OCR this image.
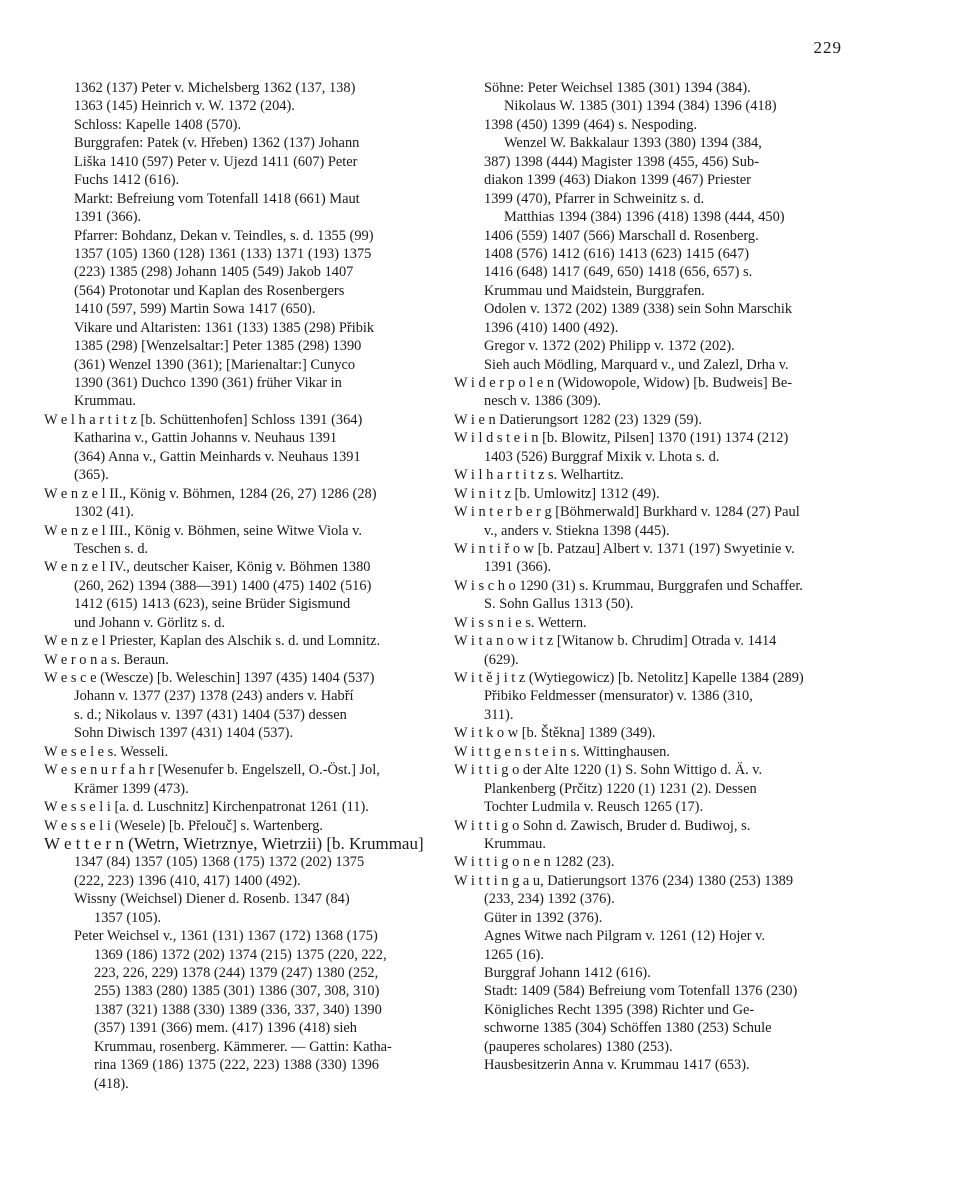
229
1362 (137) Peter v. Michelsberg 1362 (137, 138)
1363 (145) Heinrich v. W. 1372 (204).
Schloss: Kapelle 1408 (570).
Burggrafen: Patek (v. Hřeben) 1362 (137) Johann
Liška 1410 (597) Peter v. Ujezd 1411 (607) Peter
Fuchs 1412 (616).
Markt: Befreiung vom Totenfall 1418 (661) Maut
1391 (366).
Pfarrer: Bohdanz, Dekan v. Teindles, s. d. 1355 (99)
1357 (105) 1360 (128) 1361 (133) 1371 (193) 1375
(223) 1385 (298) Johann 1405 (549) Jakob 1407
(564) Protonotar und Kaplan des Rosenbergers
1410 (597, 599) Martin Sowa 1417 (650).
Vikare und Altaristen: 1361 (133) 1385 (298) Přibik
1385 (298) [Wenzelsaltar:] Peter 1385 (298) 1390
(361) Wenzel 1390 (361); [Marienaltar:] Cunyco
1390 (361) Duchco 1390 (361) früher Vikar in
Krummau.
W e l h a r t i t z [b. Schüttenhofen] Schloss 1391 (364)
Katharina v., Gattin Johanns v. Neuhaus 1391
(364) Anna v., Gattin Meinhards v. Neuhaus 1391
(365).
W e n z e l II., König v. Böhmen, 1284 (26, 27) 1286 (28)
1302 (41).
W e n z e l III., König v. Böhmen, seine Witwe Viola v.
Teschen s. d.
W e n z e l IV., deutscher Kaiser, König v. Böhmen 1380
(260, 262) 1394 (388—391) 1400 (475) 1402 (516)
1412 (615) 1413 (623), seine Brüder Sigismund
und Johann v. Görlitz s. d.
W e n z e l Priester, Kaplan des Alschik s. d. und Lomnitz.
W e r o n a s. Beraun.
W e s c e (Wescze) [b. Weleschin] 1397 (435) 1404 (537)
Johann v. 1377 (237) 1378 (243) anders v. Habří
s. d.; Nikolaus v. 1397 (431) 1404 (537) dessen
Sohn Diwisch 1397 (431) 1404 (537).
W e s e l e s. Wesseli.
W e s e n u r f a h r [Wesenufer b. Engelszell, O.-Öst.] Jol,
Krämer 1399 (473).
W e s s e l i [a. d. Luschnitz] Kirchenpatronat 1261 (11).
W e s s e l i (Wesele) [b. Přelouč] s. Wartenberg.
W e t t e r n (Wetrn, Wietrznye, Wietrzii) [b. Krummau]
1347 (84) 1357 (105) 1368 (175) 1372 (202) 1375
(222, 223) 1396 (410, 417) 1400 (492).
Wissny (Weichsel) Diener d. Rosenb. 1347 (84)
1357 (105).
Peter Weichsel v., 1361 (131) 1367 (172) 1368 (175)
1369 (186) 1372 (202) 1374 (215) 1375 (220, 222,
223, 226, 229) 1378 (244) 1379 (247) 1380 (252,
255) 1383 (280) 1385 (301) 1386 (307, 308, 310)
1387 (321) 1388 (330) 1389 (336, 337, 340) 1390
(357) 1391 (366) mem. (417) 1396 (418) sieh
Krummau, rosenberg. Kämmerer. — Gattin: Katha-
rina 1369 (186) 1375 (222, 223) 1388 (330) 1396
(418).
Söhne: Peter Weichsel 1385 (301) 1394 (384).
Nikolaus W. 1385 (301) 1394 (384) 1396 (418)
1398 (450) 1399 (464) s. Nespoding.
Wenzel W. Bakkalaur 1393 (380) 1394 (384,
387) 1398 (444) Magister 1398 (455, 456) Sub-
diakon 1399 (463) Diakon 1399 (467) Priester
1399 (470), Pfarrer in Schweinitz s. d.
Matthias 1394 (384) 1396 (418) 1398 (444, 450)
1406 (559) 1407 (566) Marschall d. Rosenberg.
1408 (576) 1412 (616) 1413 (623) 1415 (647)
1416 (648) 1417 (649, 650) 1418 (656, 657) s.
Krummau und Maidstein, Burggrafen.
Odolen v. 1372 (202) 1389 (338) sein Sohn Marschik
1396 (410) 1400 (492).
Gregor v. 1372 (202) Philipp v. 1372 (202).
Sieh auch Mödling, Marquard v., und Zalezl, Drha v.
W i d e r p o l e n (Widowopole, Widow) [b. Budweis] Be-
nesch v. 1386 (309).
W i e n Datierungsort 1282 (23) 1329 (59).
W i l d s t e i n [b. Blowitz, Pilsen] 1370 (191) 1374 (212)
1403 (526) Burggraf Mixik v. Lhota s. d.
W i l h a r t i t z s. Welhartitz.
W i n i t z [b. Umlowitz] 1312 (49).
W i n t e r b e r g [Böhmerwald] Burkhard v. 1284 (27) Paul
v., anders v. Stiekna 1398 (445).
W i n t i ř o w [b. Patzau] Albert v. 1371 (197) Swyetinie v.
1391 (366).
W i s c h o 1290 (31) s. Krummau, Burggrafen und Schaffer.
S. Sohn Gallus 1313 (50).
W i s s n i e s. Wettern.
W i t a n o w i t z [Witanow b. Chrudim] Otrada v. 1414
(629).
W i t ě j i t z (Wytiegowicz) [b. Netolitz] Kapelle 1384 (289)
Přibiko Feldmesser (mensurator) v. 1386 (310,
311).
W i t k o w [b. Štěkna] 1389 (349).
W i t t g e n s t e i n s. Wittinghausen.
W i t t i g o der Alte 1220 (1) S. Sohn Wittigo d. Ä. v.
Plankenberg (Prčitz) 1220 (1) 1231 (2). Dessen
Tochter Ludmila v. Reusch 1265 (17).
W i t t i g o Sohn d. Zawisch, Bruder d. Budiwoj, s.
Krummau.
W i t t i g o n e n 1282 (23).
W i t t i n g a u, Datierungsort 1376 (234) 1380 (253) 1389
(233, 234) 1392 (376).
Güter in 1392 (376).
Agnes Witwe nach Pilgram v. 1261 (12) Hojer v.
1265 (16).
Burggraf Johann 1412 (616).
Stadt: 1409 (584) Befreiung vom Totenfall 1376 (230)
Königliches Recht 1395 (398) Richter und Ge-
schworne 1385 (304) Schöffen 1380 (253) Schule
(pauperes scholares) 1380 (253).
Hausbesitzerin Anna v. Krummau 1417 (653).
